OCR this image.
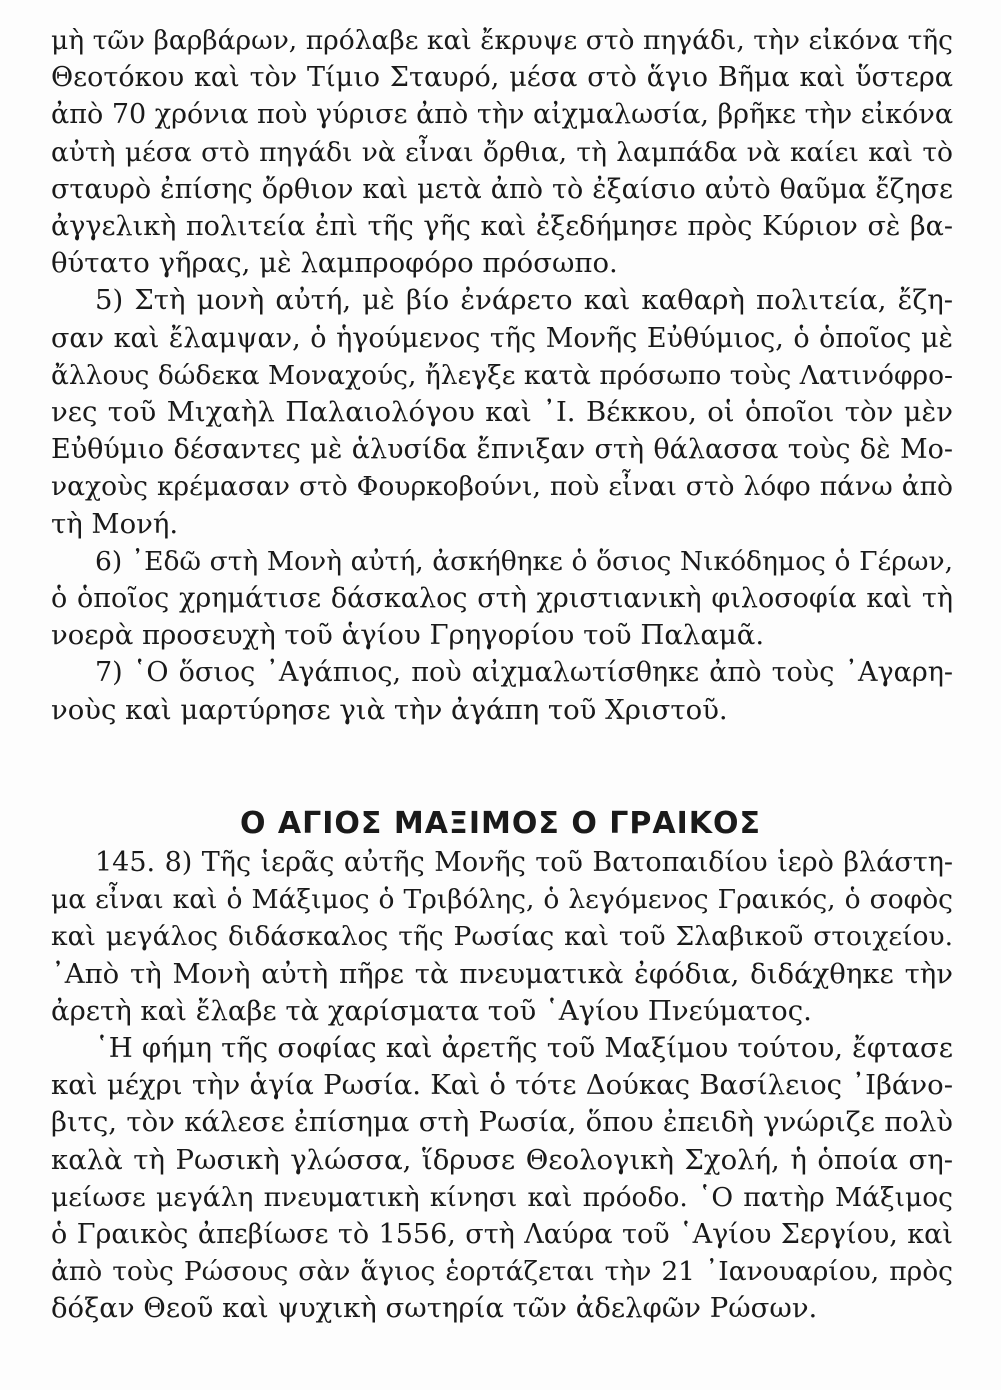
μὴ τῶν βαρβάρων, πρόλαβε καὶ ἔκρυψε στὸ πηγάδι, τὴν εἰκόνα τῆς
Θεοτόκου καὶ τὸν Τίμιο Σταυρό, μέσα στὸ ἅγιο Βῆμα καὶ ὕστερα
ἀπὸ 70 χρόνια ποὺ γύρισε ἀπὸ τὴν αἰχμαλωσία, βρῆκε τὴν εἰκόνα
αὐτὴ μέσα στὸ πηγάδι νὰ εἶναι ὄρθια, τὴ λαμπάδα νὰ καίει καὶ τὸ
σταυρὸ ἐπίσης ὄρθιον καὶ μετὰ ἀπὸ τὸ ἐξαίσιο αὐτὸ θαῦμα ἔζησε
ἀγγελικὴ πολιτεία ἐπὶ τῆς γῆς καὶ ἐξεδήμησε πρὸς Κύριον σὲ βα-
θύτατο γῆρας, μὲ λαμπροφόρο πρόσωπο.

5) Στὴ μονὴ αὐτή, μὲ βίο ἐνάρετο καὶ καθαρὴ πολιτεία, ἔζη-
σαν καὶ ἔλαμψαν, ὁ ἡγούμενος τῆς Μονῆς Εὐθύμιος, ὁ ὁποῖος μὲ
ἄλλους δώδεκα Μοναχούς, ἤλεγξε κατὰ πρόσωπο τοὺς Λατινόφρο-
νες τοῦ Μιχαὴλ Παλαιολόγου καὶ ᾽Ι. Βέκκου, οἱ ὁποῖοι τὸν μὲν
Εὐθύμιο δέσαντες μὲ ἁλυσίδα ἔπνιξαν στὴ θάλασσα τοὺς δὲ Μο-
ναχοὺς κρέμασαν στὸ Φουρκοβούνι, ποὺ εἶναι στὸ λόφο πάνω ἀπὸ
τὴ Μονή.

6) ᾽Εδῶ στὴ Μονὴ αὐτή, ἀσκήθηκε ὁ ὅσιος Νικόδημος ὁ Γέρων,
ὁ ὁποῖος χρημάτισε δάσκαλος στὴ χριστιανικὴ φιλοσοφία καὶ τὴ
νοερὰ προσευχὴ τοῦ ἁγίου Γρηγορίου τοῦ Παλαμᾶ.

7) ῾Ο ὅσιος ᾽Αγάπιος, ποὺ αἰχμαλωτίσθηκε ἀπὸ τοὺς ᾽Αγαρη-
νοὺς καὶ μαρτύρησε γιὰ τὴν ἀγάπη τοῦ Χριστοῦ.

Ο ΑΓΙΟΣ ΜΑΞΙΜΟΣ Ο ΓΡΑΙΚΟΣ

145. 8) Τῆς ἱερᾶς αὐτῆς Μονῆς τοῦ Βατοπαιδίου ἱερὸ βλάστη-
μα εἶναι καὶ ὁ Μάξιμος ὁ Τριβόλης, ὁ λεγόμενος Γραικός, ὁ σοφὸς
καὶ μεγάλος διδάσκαλος τῆς Ρωσίας καὶ τοῦ Σλαβικοῦ στοιχείου.
᾽Απὸ τὴ Μονὴ αὐτὴ πῆρε τὰ πνευματικὰ ἐφόδια, διδάχθηκε τὴν
ἀρετὴ καὶ ἔλαβε τὰ χαρίσματα τοῦ ῾Αγίου Πνεύματος.

῾Η φήμη τῆς σοφίας καὶ ἀρετῆς τοῦ Μαξίμου τούτου, ἔφτασε
καὶ μέχρι τὴν ἁγία Ρωσία. Καὶ ὁ τότε Δούκας Βασίλειος ᾽Ιβάνο-
βιτς, τὸν κάλεσε ἐπίσημα στὴ Ρωσία, ὅπου ἐπειδὴ γνώριζε πολὺ
καλὰ τὴ Ρωσικὴ γλώσσα, ἵδρυσε Θεολογικὴ Σχολή, ἡ ὁποία ση-
μείωσε μεγάλη πνευματικὴ κίνησι καὶ πρόοδο. ῾Ο πατὴρ Μάξιμος
ὁ Γραικὸς ἀπεβίωσε τὸ 1556, στὴ Λαύρα τοῦ ῾Αγίου Σεργίου, καὶ
ἀπὸ τοὺς Ρώσους σὰν ἅγιος ἑορτάζεται τὴν 21 ᾽Ιανουαρίου, πρὸς
δόξαν Θεοῦ καὶ ψυχικὴ σωτηρία τῶν ἀδελφῶν Ρώσων.
